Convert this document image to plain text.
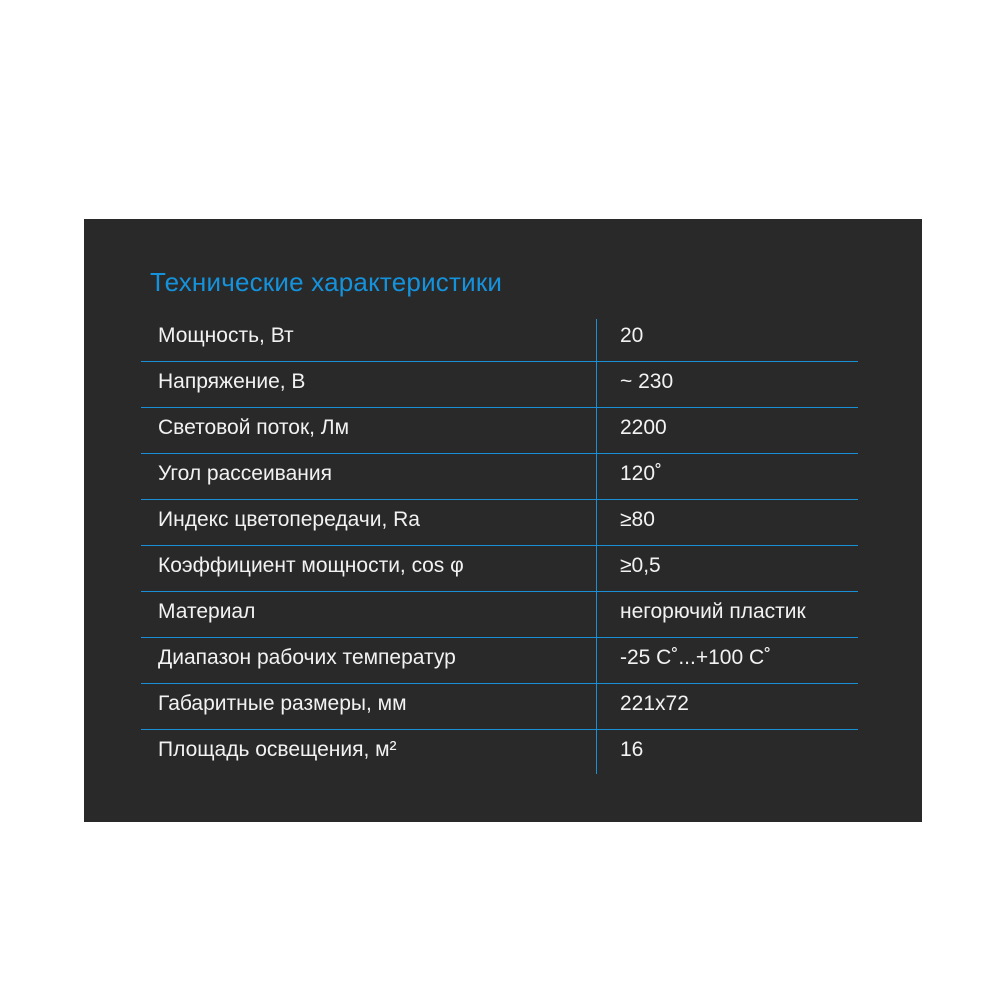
Технические характеристики
Мощность, Вт	20
Напряжение, В	~ 230
Световой поток, Лм	2200
Угол рассеивания	120˚
Индекс цветопередачи, Ra	≥80
Коэффициент мощности, cos φ	≥0,5
Материал	негорючий пластик
Диапазон рабочих температур	-25 С˚...+100 С˚
Габаритные размеры, мм	221x72
Площадь освещения, м²	16
